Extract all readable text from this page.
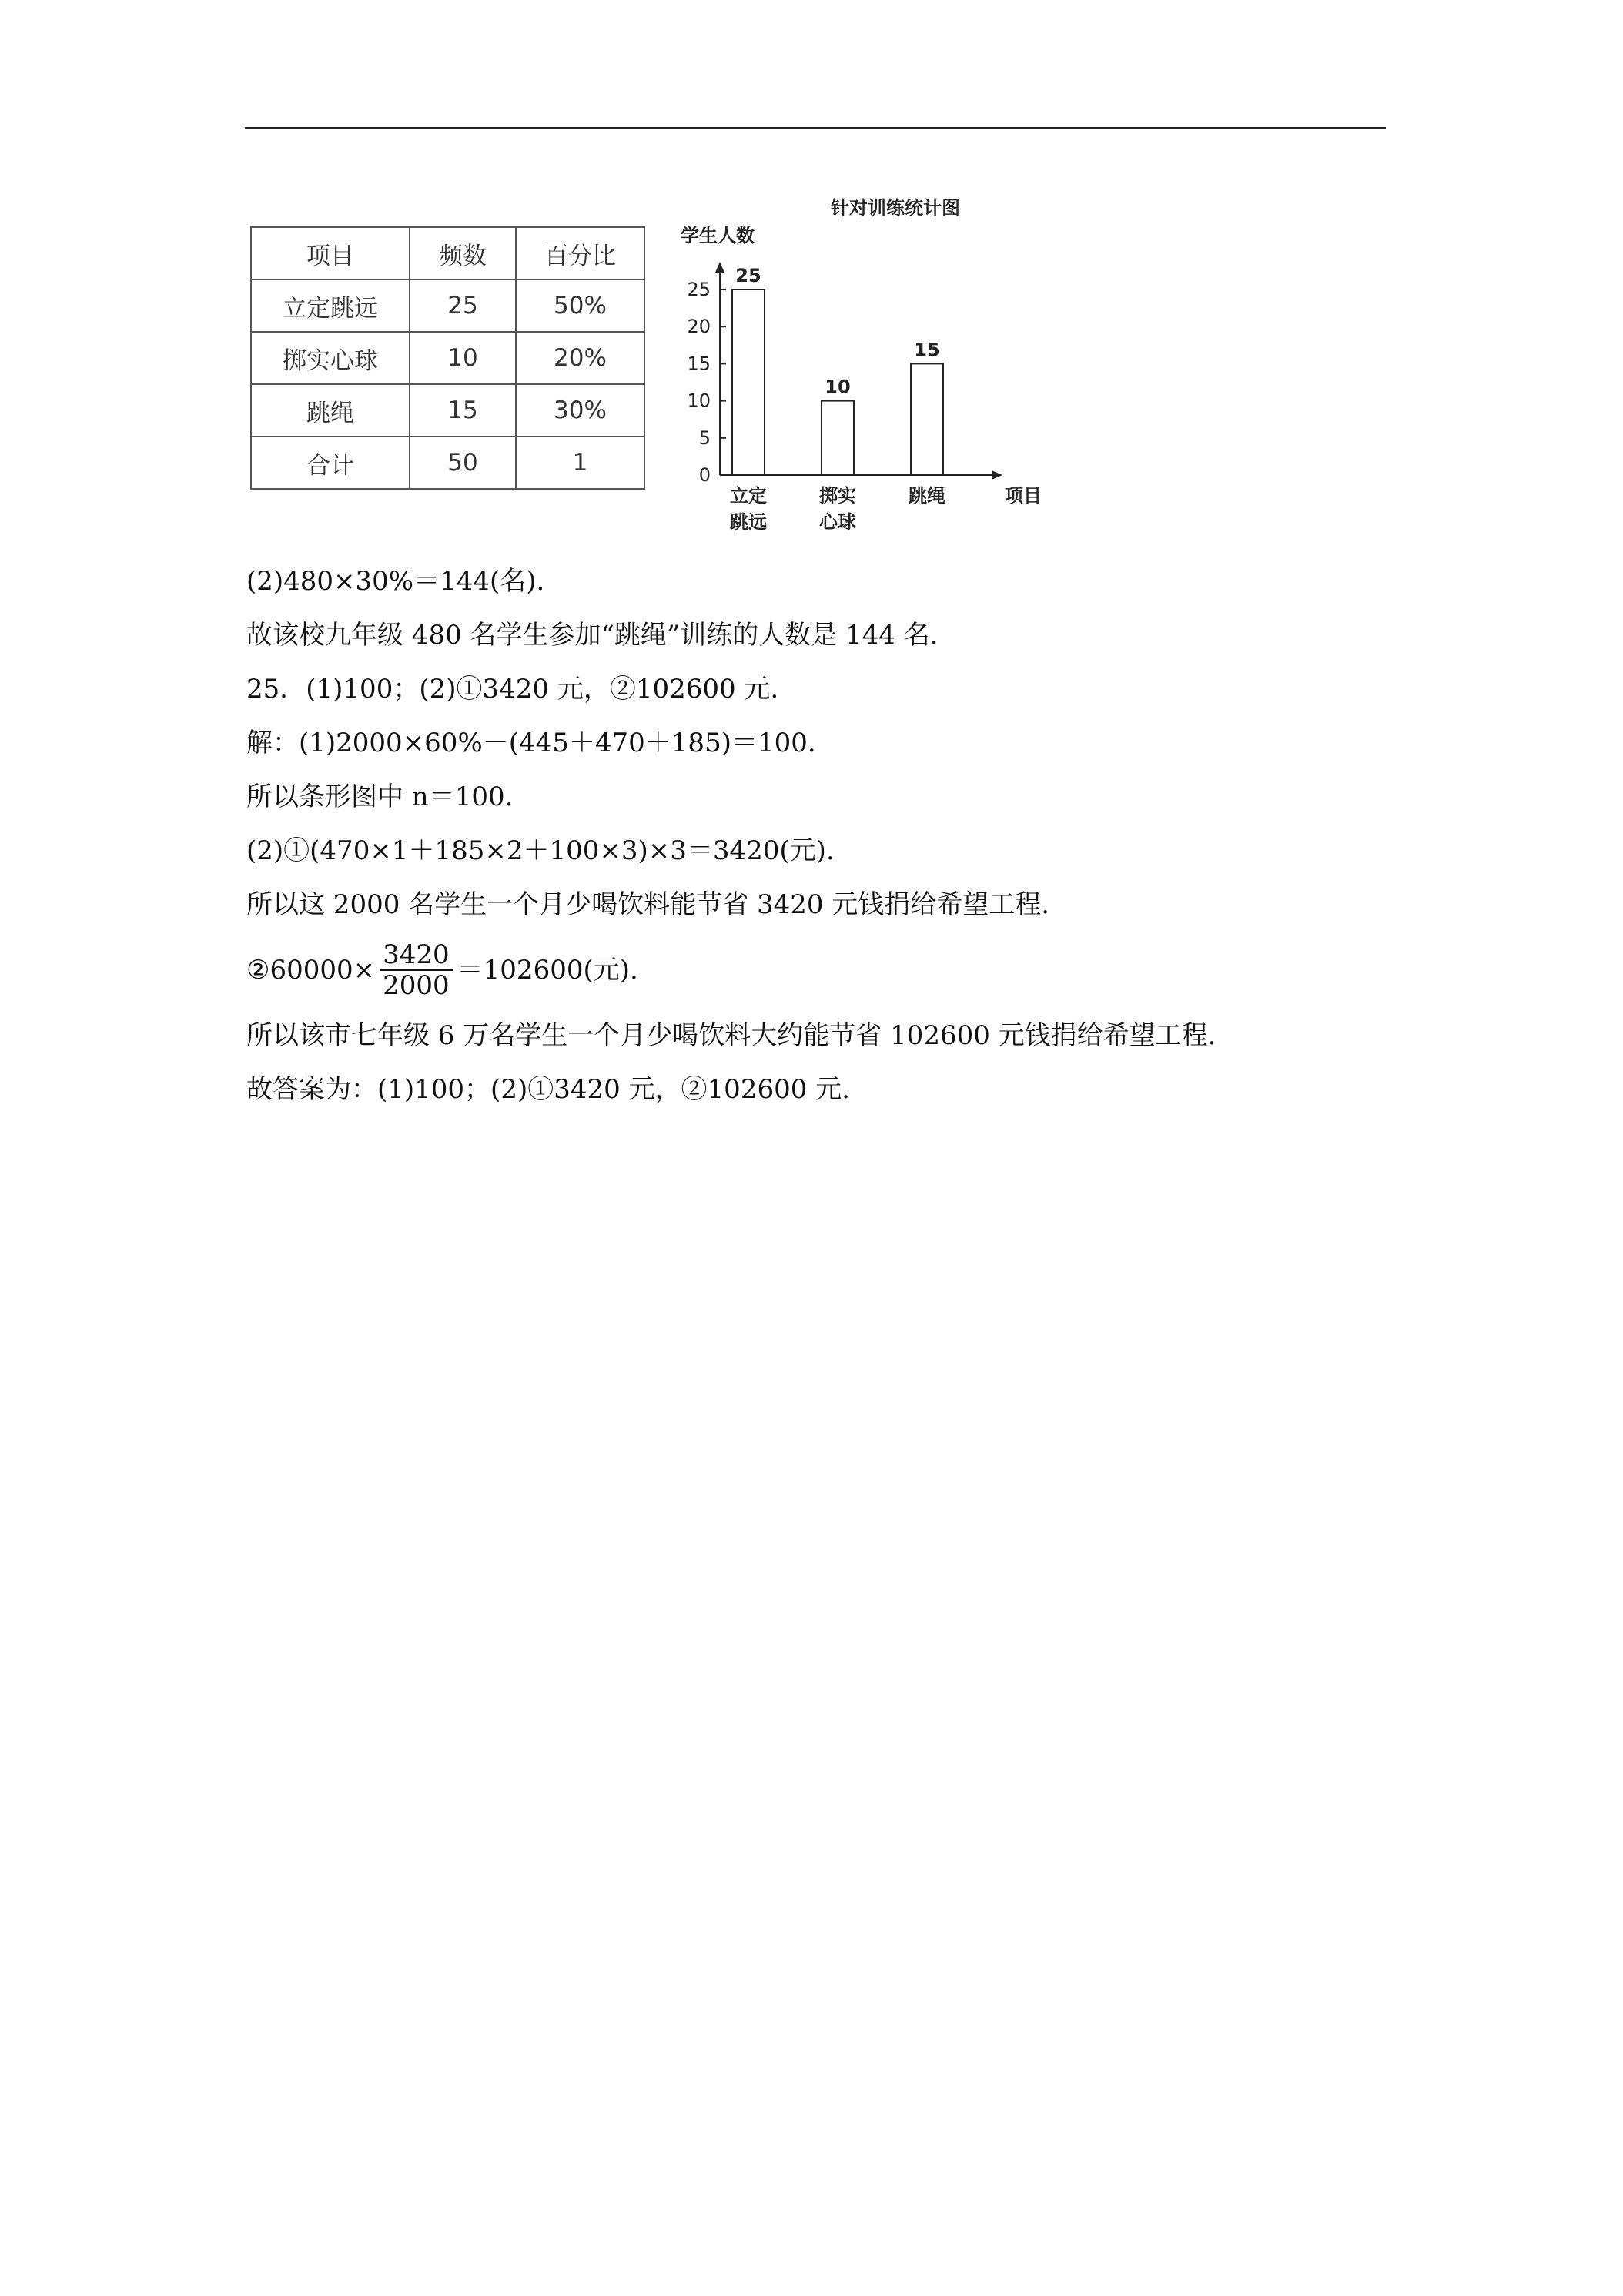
项目	频数	百分比
立定跳远	25	50%
掷实心球	10	20%
跳绳	15	30%
合计	50	1
针对训练统计图
学生人数
项目
0
5
10
15
20
25
25
立定
跳远
10
掷实
心球
15
跳绳
(2)480×30%＝144(名).
故该校九年级 480 名学生参加“跳绳”训练的人数是 144 名.
25．(1)100；(2)①3420 元，②102600 元.
解：(1)2000×60%－(445＋470＋185)＝100.
所以条形图中 n＝100.
(2)①(470×1＋185×2＋100×3)×3＝3420(元).
所以这 2000 名学生一个月少喝饮料能节省 3420 元钱捐给希望工程.
②60000× $\frac{3420}{2000} =102600$(元).
所以该市七年级 6 万名学生一个月少喝饮料大约能节省 102600 元钱捐给希望工程.
故答案为：(1)100；(2)①3420 元，②102600 元.
